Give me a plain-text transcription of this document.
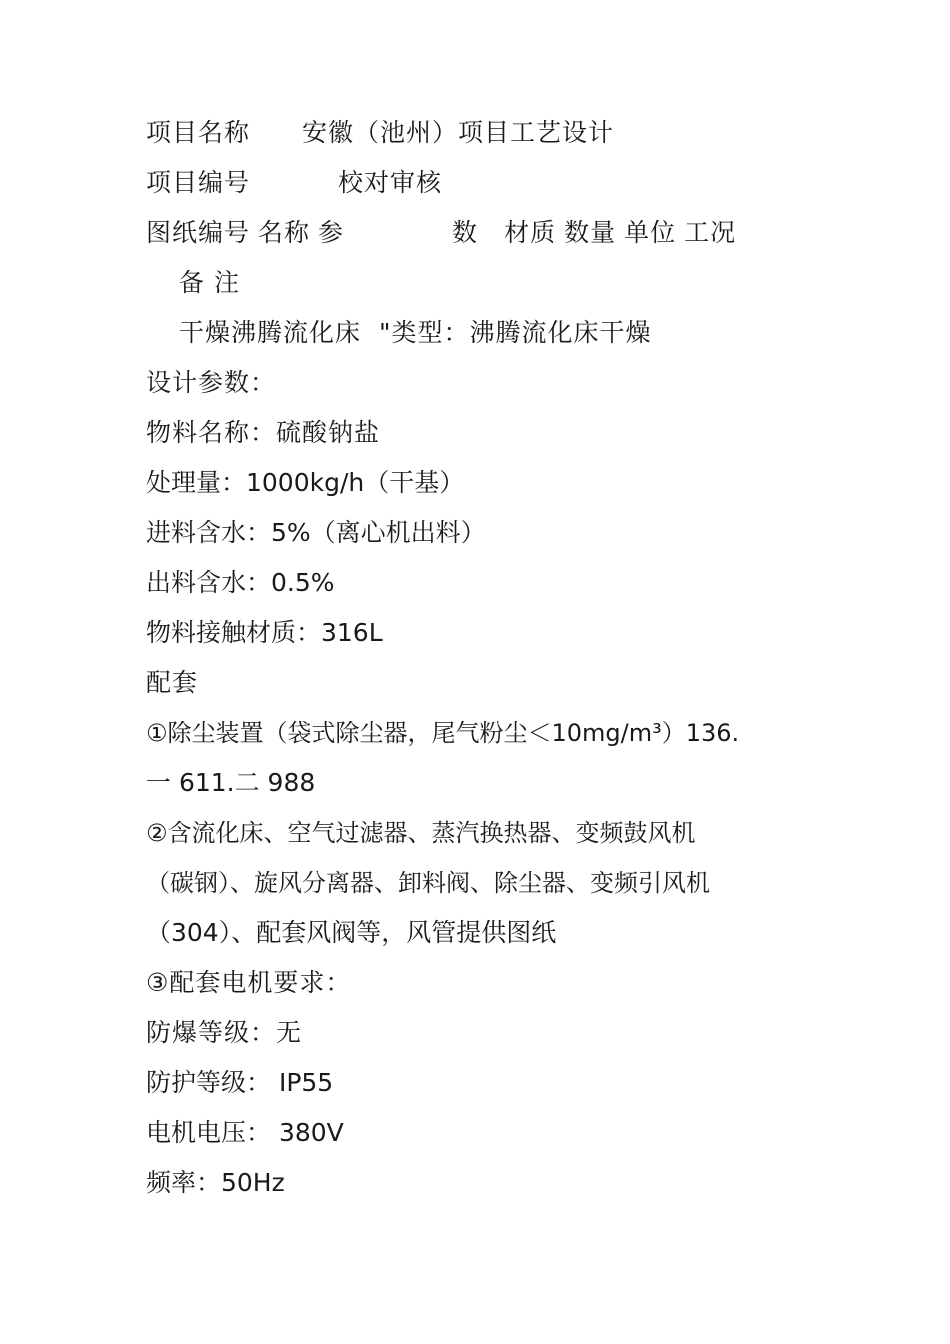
项目名称 安徽（池州）项目工艺设计
项目编号	校对审核
图纸编号 名称 参	数 材质 数量 单位 工况
备 注
干燥沸腾流化床 "类型：沸腾流化床干燥
设计参数：
物料名称：硫酸钠盐
处理量：1000kg/h（干基）
进料含水：5%（离心机出料）
出料含水：0.5%
物料接触材质：316L
配套
①除尘装置（袋式除尘器，尾气粉尘＜10mg/m³）136.
一 611.二 988
②含流化床、空气过滤器、蒸汽换热器、变频鼓风机
（碳钢）、旋风分离器、卸料阀、除尘器、变频引风机
（304）、配套风阀等，风管提供图纸
③配套电机要求：
防爆等级：无
防护等级： IP55
电机电压： 380V
频率：50Hz
